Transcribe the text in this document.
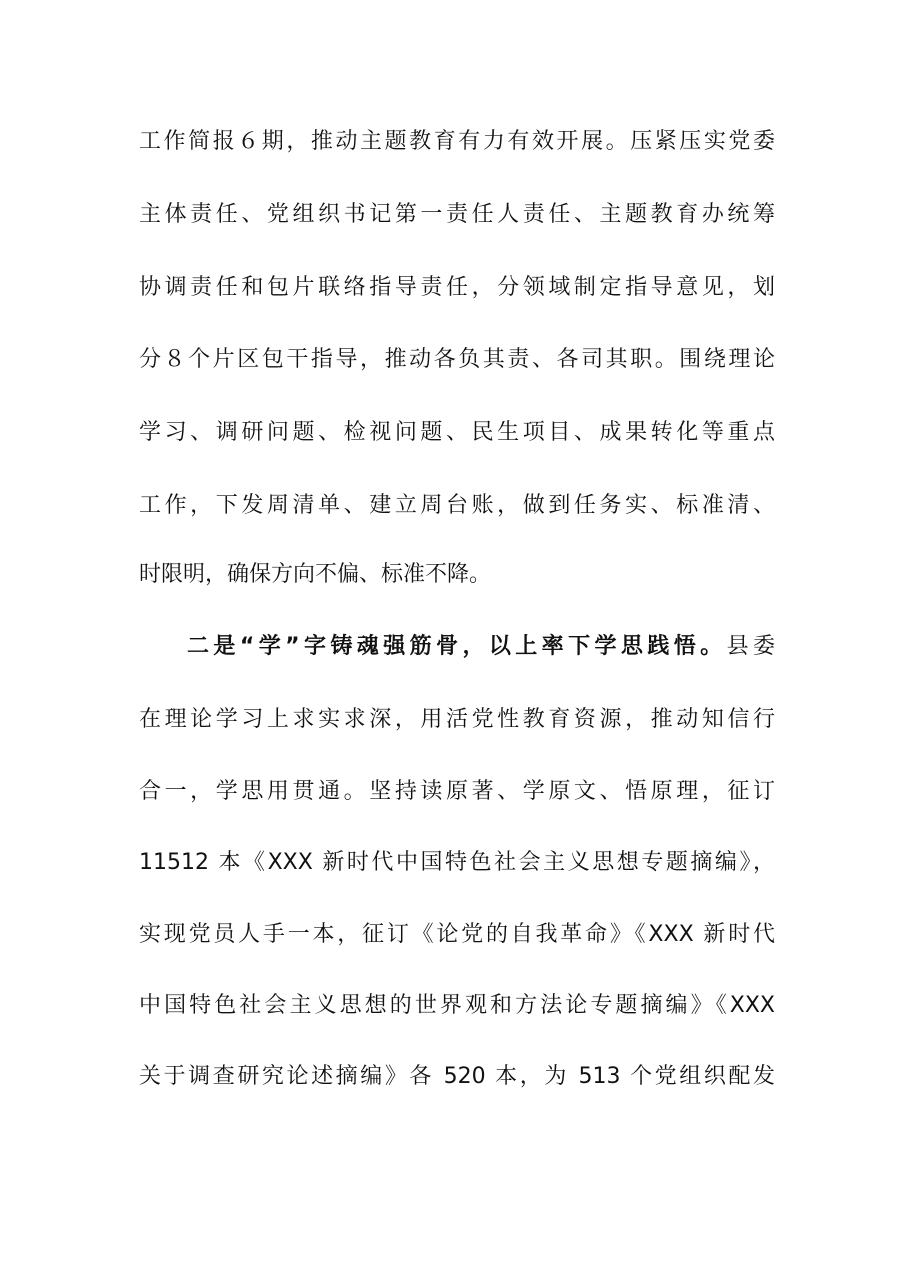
工作简报６期，推动主题教育有力有效开展。压紧压实党委
主体责任、党组织书记第一责任人责任、主题教育办统筹
协调责任和包片联络指导责任，分领域制定指导意见，划
分８个片区包干指导，推动各负其责、各司其职。围绕理论
学习、调研问题、检视问题、民生项目、成果转化等重点
工作，下发周清单、建立周台账，做到任务实、标准清、
时限明，确保方向不偏、标准不降。
二是“学”字铸魂强筋骨，以上率下学思践悟。县委
在理论学习上求实求深，用活党性教育资源，推动知信行
合一，学思用贯通。坚持读原著、学原文、悟原理，征订
11512 本《XXX 新时代中国特色社会主义思想专题摘编》，
实现党员人手一本，征订《论党的自我革命》《XXX 新时代
中国特色社会主义思想的世界观和方法论专题摘编》《XXX
关于调查研究论述摘编》各 520 本，为 513 个党组织配发
